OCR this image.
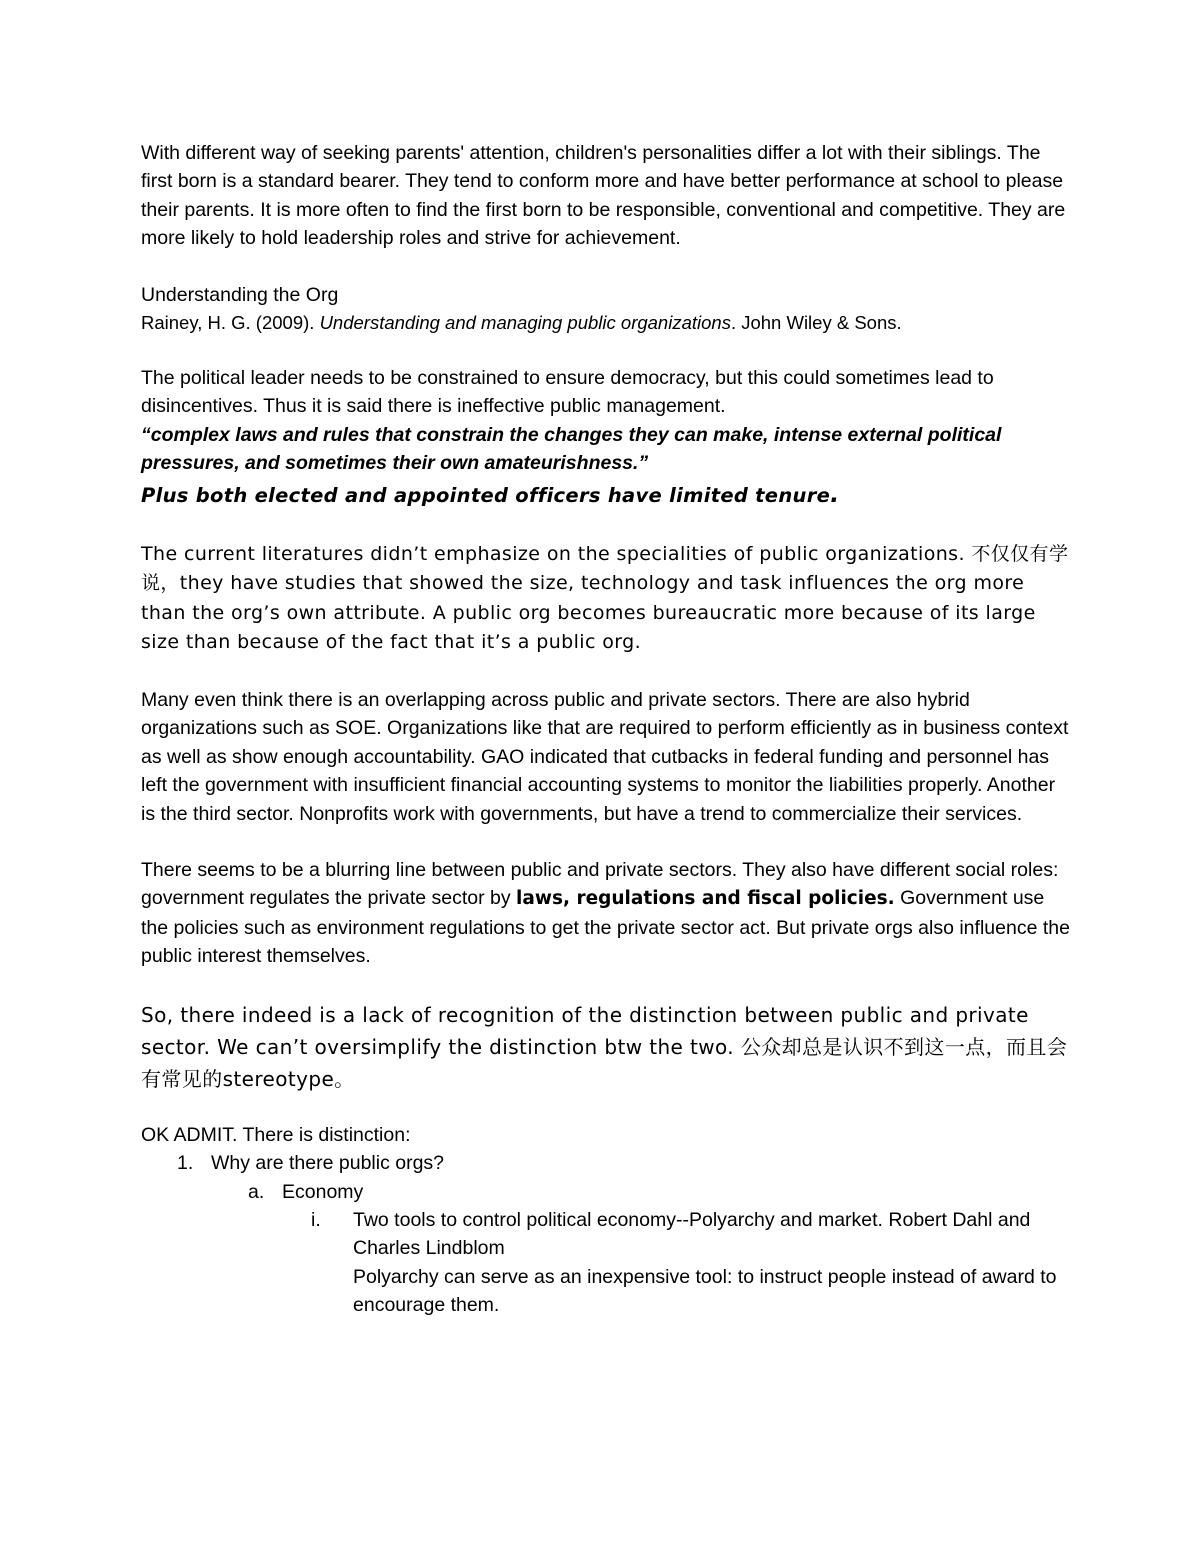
With different way of seeking parents' attention, children's personalities differ a lot with their siblings. The first born is a standard bearer. They tend to conform more and have better performance at school to please their parents. It is more often to find the first born to be responsible, conventional and competitive. They are more likely to hold leadership roles and strive for achievement.

Understanding the Org

Rainey, H. G. (2009). Understanding and managing public organizations. John Wiley & Sons.

The political leader needs to be constrained to ensure democracy, but this could sometimes lead to disincentives. Thus it is said there is ineffective public management.

“complex laws and rules that constrain the changes they can make, intense external political pressures, and sometimes their own amateurishness.”

Plus both elected and appointed officers have limited tenure.

The current literatures didn’t emphasize on the specialities of public organizations. 不仅仅有学说，they have studies that showed the size, technology and task influences the org more than the org’s own attribute. A public org becomes bureaucratic more because of its large size than because of the fact that it’s a public org.

Many even think there is an overlapping across public and private sectors. There are also hybrid organizations such as SOE. Organizations like that are required to perform efficiently as in business context as well as show enough accountability. GAO indicated that cutbacks in federal funding and personnel has left the government with insufficient financial accounting systems to monitor the liabilities properly. Another is the third sector. Nonprofits work with governments, but have a trend to commercialize their services.

There seems to be a blurring line between public and private sectors. They also have different social roles: government regulates the private sector by laws, regulations and fiscal policies. Government use the policies such as environment regulations to get the private sector act. But private orgs also influence the public interest themselves.

So, there indeed is a lack of recognition of the distinction between public and private sector. We can’t oversimplify the distinction btw the two. 公众却总是认识不到这一点，而且会有常见的stereotype。

OK ADMIT. There is distinction:

1. Why are there public orgs?
a. Economy
i. Two tools to control political economy--Polyarchy and market. Robert Dahl and Charles Lindblom
Polyarchy can serve as an inexpensive tool: to instruct people instead of award to encourage them.
